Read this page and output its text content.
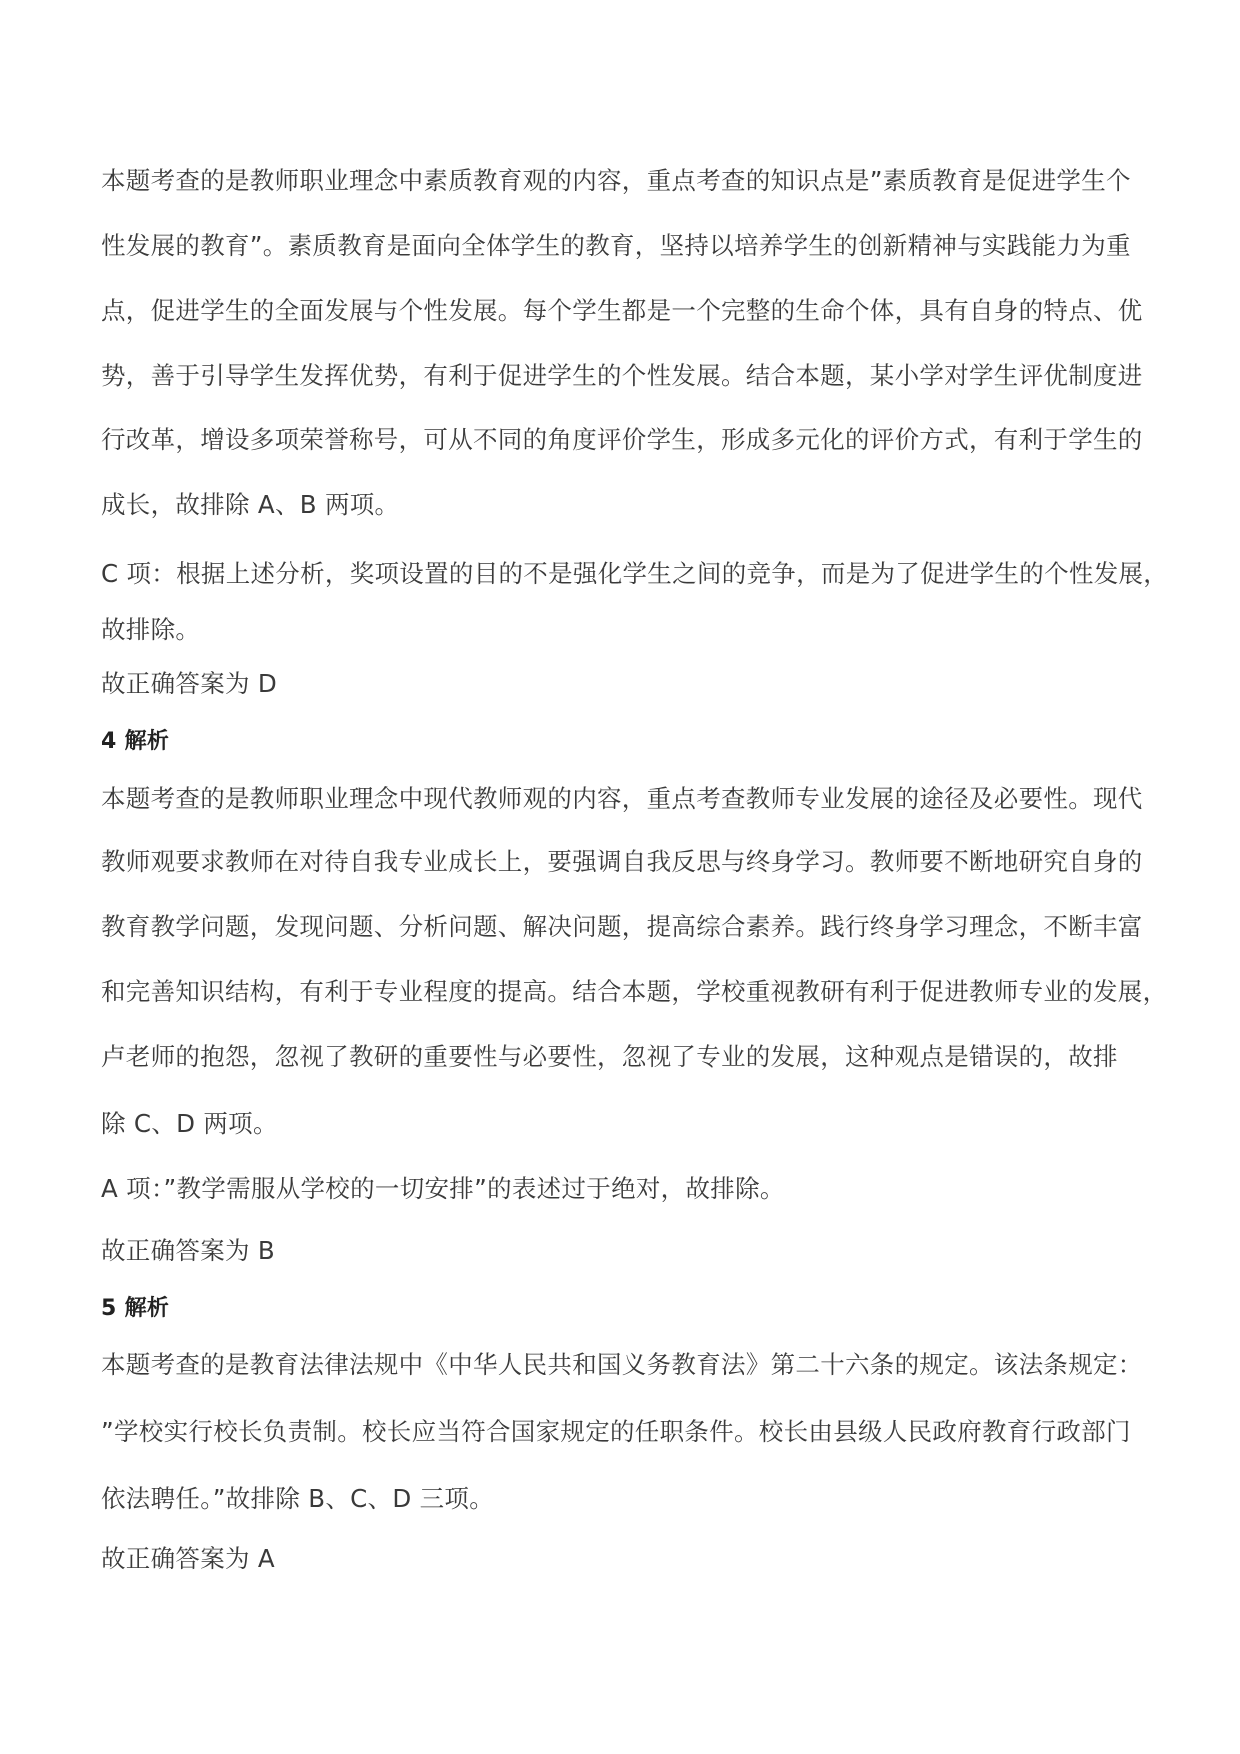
本题考查的是教师职业理念中素质教育观的内容，重点考查的知识点是”素质教育是促进学生个
性发展的教育”。素质教育是面向全体学生的教育，坚持以培养学生的创新精神与实践能力为重
点，促进学生的全面发展与个性发展。每个学生都是一个完整的生命个体，具有自身的特点、优
势，善于引导学生发挥优势，有利于促进学生的个性发展。结合本题，某小学对学生评优制度进
行改革，增设多项荣誉称号，可从不同的角度评价学生，形成多元化的评价方式，有利于学生的
成长，故排除 A、B 两项。
C 项：根据上述分析，奖项设置的目的不是强化学生之间的竞争，而是为了促进学生的个性发展，
故排除。
故正确答案为 D
4 解析
本题考查的是教师职业理念中现代教师观的内容，重点考查教师专业发展的途径及必要性。现代
教师观要求教师在对待自我专业成长上，要强调自我反思与终身学习。教师要不断地研究自身的
教育教学问题，发现问题、分析问题、解决问题，提高综合素养。践行终身学习理念，不断丰富
和完善知识结构，有利于专业程度的提高。结合本题，学校重视教研有利于促进教师专业的发展，
卢老师的抱怨，忽视了教研的重要性与必要性，忽视了专业的发展，这种观点是错误的，故排
除 C、D 两项。
A 项：”教学需服从学校的一切安排”的表述过于绝对，故排除。
故正确答案为 B
5 解析
本题考查的是教育法律法规中《中华人民共和国义务教育法》第二十六条的规定。该法条规定：
”学校实行校长负责制。校长应当符合国家规定的任职条件。校长由县级人民政府教育行政部门
依法聘任。”故排除 B、C、D 三项。
故正确答案为 A
